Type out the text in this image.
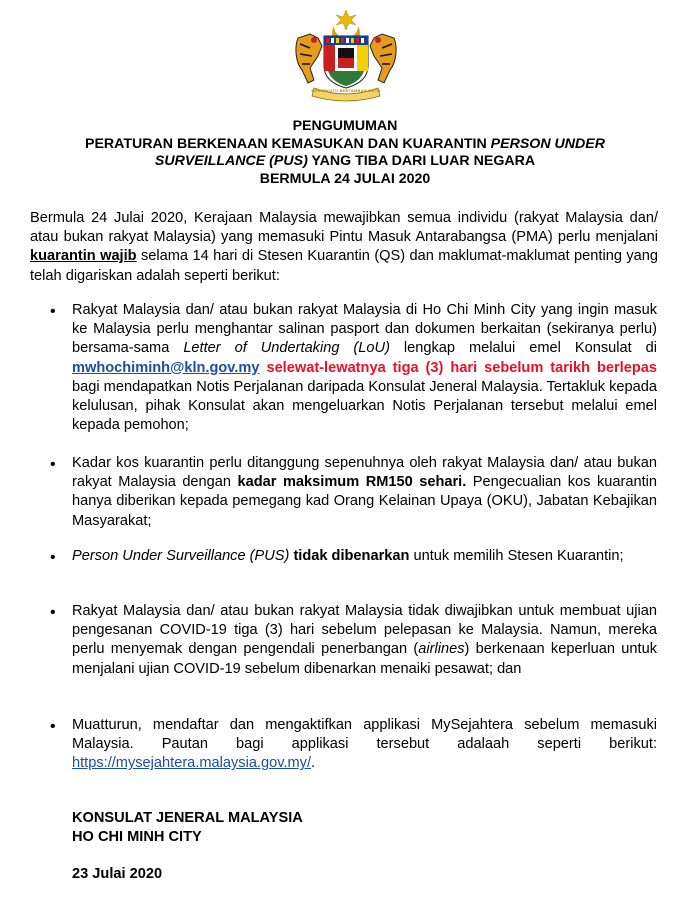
BERSEKUTU BERTAMBAH MUTU
PENGUMUMAN
PERATURAN BERKENAAN KEMASUKAN DAN KUARANTIN PERSON UNDER
SURVEILLANCE (PUS) YANG TIBA DARI LUAR NEGARA
BERMULA 24 JULAI 2020
Bermula 24 Julai 2020, Kerajaan Malaysia mewajibkan semua individu (rakyat Malaysia dan/ atau bukan rakyat Malaysia) yang memasuki Pintu Masuk Antarabangsa (PMA) perlu menjalani kuarantin wajib selama 14 hari di Stesen Kuarantin (QS) dan maklumat-maklumat penting yang telah digariskan adalah seperti berikut:
• Rakyat Malaysia dan/ atau bukan rakyat Malaysia di Ho Chi Minh City yang ingin masuk ke Malaysia perlu menghantar salinan pasport dan dokumen berkaitan (sekiranya perlu) bersama-sama Letter of Undertaking (LoU) lengkap melalui emel Konsulat di mwhochiminh@kln.gov.my selewat-lewatnya tiga (3) hari sebelum tarikh berlepas bagi mendapatkan Notis Perjalanan daripada Konsulat Jeneral Malaysia. Tertakluk kepada kelulusan, pihak Konsulat akan mengeluarkan Notis Perjalanan tersebut melalui emel kepada pemohon;
• Kadar kos kuarantin perlu ditanggung sepenuhnya oleh rakyat Malaysia dan/ atau bukan rakyat Malaysia dengan kadar maksimum RM150 sehari. Pengecualian kos kuarantin hanya diberikan kepada pemegang kad Orang Kelainan Upaya (OKU), Jabatan Kebajikan Masyarakat;
• Person Under Surveillance (PUS) tidak dibenarkan untuk memilih Stesen Kuarantin;
• Rakyat Malaysia dan/ atau bukan rakyat Malaysia tidak diwajibkan untuk membuat ujian pengesanan COVID-19 tiga (3) hari sebelum pelepasan ke Malaysia. Namun, mereka perlu menyemak dengan pengendali penerbangan (airlines) berkenaan keperluan untuk menjalani ujian COVID-19 sebelum dibenarkan menaiki pesawat; dan
• Muatturun, mendaftar dan mengaktifkan applikasi MySejahtera sebelum memasuki Malaysia. Pautan bagi applikasi tersebut adalaah seperti berikut: https://mysejahtera.malaysia.gov.my/.
KONSULAT JENERAL MALAYSIA
HO CHI MINH CITY
23 Julai 2020
